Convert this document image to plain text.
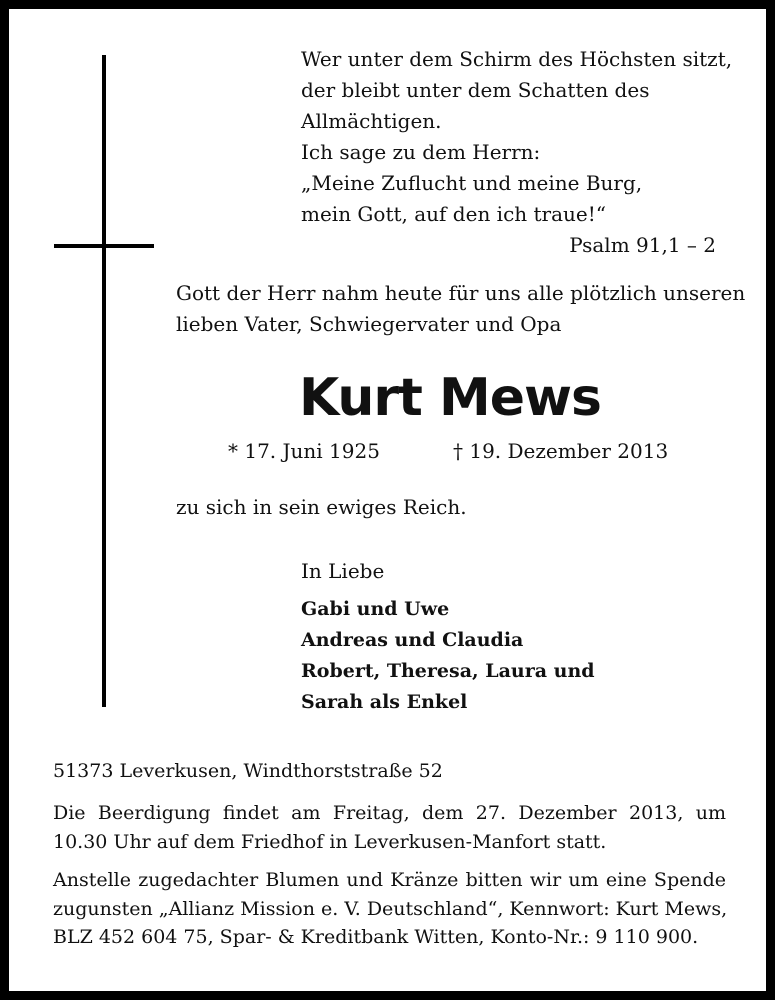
Wer unter dem Schirm des Höchsten sitzt,
der bleibt unter dem Schatten des
Allmächtigen.
Ich sage zu dem Herrn:
„Meine Zuflucht und meine Burg,
mein Gott, auf den ich traue!“
Psalm 91,1 – 2
Gott der Herr nahm heute für uns alle plötzlich unseren
lieben Vater, Schwiegervater und Opa
Kurt Mews
* 17. Juni 1925	† 19. Dezember 2013
zu sich in sein ewiges Reich.
In Liebe
Gabi und Uwe
Andreas und Claudia
Robert, Theresa, Laura und
Sarah als Enkel
51373 Leverkusen, Windthorststraße 52
Die Beerdigung findet am Freitag, dem 27. Dezember 2013, um
10.30 Uhr auf dem Friedhof in Leverkusen-Manfort statt.
Anstelle zugedachter Blumen und Kränze bitten wir um eine Spende
zugunsten „Allianz Mission e. V. Deutschland“, Kennwort: Kurt Mews,
BLZ 452 604 75, Spar- & Kreditbank Witten, Konto-Nr.: 9 110 900.
